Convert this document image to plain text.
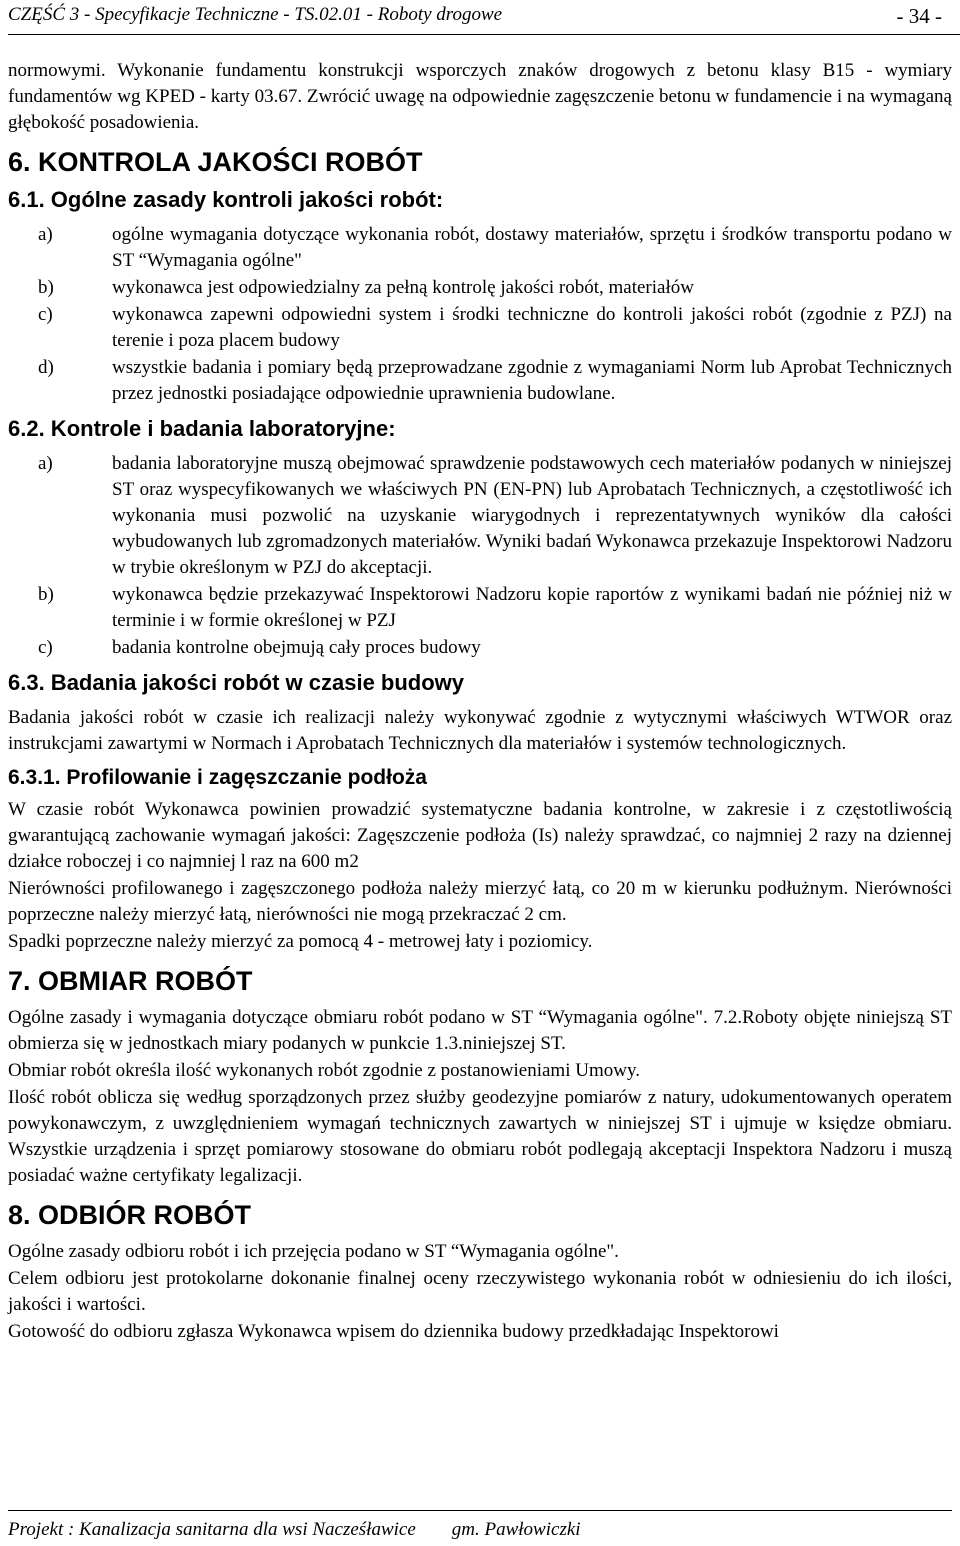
CZĘŚĆ 3 - Specyfikacje Techniczne - TS.02.01 - Roboty drogowe	- 34 -

normowymi. Wykonanie fundamentu konstrukcji wsporczych znaków drogowych z betonu klasy B15 - wymiary fundamentów wg KPED - karty 03.67. Zwrócić uwagę na odpowiednie zagęszczenie betonu w fundamencie i na wymaganą głębokość posadowienia.

6. KONTROLA JAKOŚCI ROBÓT
6.1. Ogólne zasady kontroli jakości robót:
a)	ogólne wymagania dotyczące wykonania robót, dostawy materiałów, sprzętu i środków transportu podano w ST “Wymagania ogólne"
b)	wykonawca jest odpowiedzialny za pełną kontrolę jakości robót, materiałów
c)	wykonawca zapewni odpowiedni system i środki techniczne do kontroli jakości robót (zgodnie z PZJ) na terenie i poza placem budowy
d)	wszystkie badania i pomiary będą przeprowadzane zgodnie z wymaganiami Norm lub Aprobat Technicznych przez jednostki posiadające odpowiednie uprawnienia budowlane.
6.2. Kontrole i badania laboratoryjne:
a)	badania laboratoryjne muszą obejmować sprawdzenie podstawowych cech materiałów podanych w niniejszej ST oraz wyspecyfikowanych we właściwych PN (EN-PN) lub Aprobatach Technicznych, a częstotliwość ich wykonania musi pozwolić na uzyskanie wiarygodnych i reprezentatywnych wyników dla całości wybudowanych lub zgromadzonych materiałów. Wyniki badań Wykonawca przekazuje Inspektorowi Nadzoru w trybie określonym w PZJ do akceptacji.
b)	wykonawca będzie przekazywać Inspektorowi Nadzoru kopie raportów z wynikami badań nie później niż w terminie i w formie określonej w PZJ
c)	badania kontrolne obejmują cały proces budowy
6.3. Badania jakości robót w czasie budowy

Badania jakości robót w czasie ich realizacji należy wykonywać zgodnie z wytycznymi właściwych WTWOR oraz instrukcjami zawartymi w Normach i Aprobatach Technicznych dla materiałów i systemów technologicznych.

6.3.1. Profilowanie i zagęszczanie podłoża

W czasie robót Wykonawca powinien prowadzić systematyczne badania kontrolne, w zakresie i z częstotliwością gwarantującą zachowanie wymagań jakości: Zagęszczenie podłoża (Is) należy sprawdzać, co najmniej 2 razy na dziennej działce roboczej i co najmniej l raz na 600 m2

Nierówności profilowanego i zagęszczonego podłoża należy mierzyć łatą, co 20 m w kierunku podłużnym. Nierówności poprzeczne należy mierzyć łatą, nierówności nie mogą przekraczać 2 cm.

Spadki poprzeczne należy mierzyć za pomocą 4 - metrowej łaty i poziomicy.

7. OBMIAR ROBÓT

Ogólne zasady i wymagania dotyczące obmiaru robót podano w ST “Wymagania ogólne". 7.2.Roboty objęte niniejszą ST obmierza się w jednostkach miary podanych w punkcie 1.3.niniejszej ST.

Obmiar robót określa ilość wykonanych robót zgodnie z postanowieniami Umowy.

Ilość robót oblicza się według sporządzonych przez służby geodezyjne pomiarów z natury, udokumentowanych operatem powykonawczym, z uwzględnieniem wymagań technicznych zawartych w niniejszej ST i ujmuje w księdze obmiaru. Wszystkie urządzenia i sprzęt pomiarowy stosowane do obmiaru robót podlegają akceptacji Inspektora Nadzoru i muszą posiadać ważne certyfikaty legalizacji.

8. ODBIÓR ROBÓT

Ogólne zasady odbioru robót i ich przejęcia podano w ST “Wymagania ogólne".

Celem odbioru jest protokolarne dokonanie finalnej oceny rzeczywistego wykonania robót w odniesieniu do ich ilości, jakości i wartości.

Gotowość do odbioru zgłasza Wykonawca wpisem do dziennika budowy przedkładając Inspektorowi

Projekt : Kanalizacja sanitarna dla wsi Nacześławice gm. Pawłowiczki
